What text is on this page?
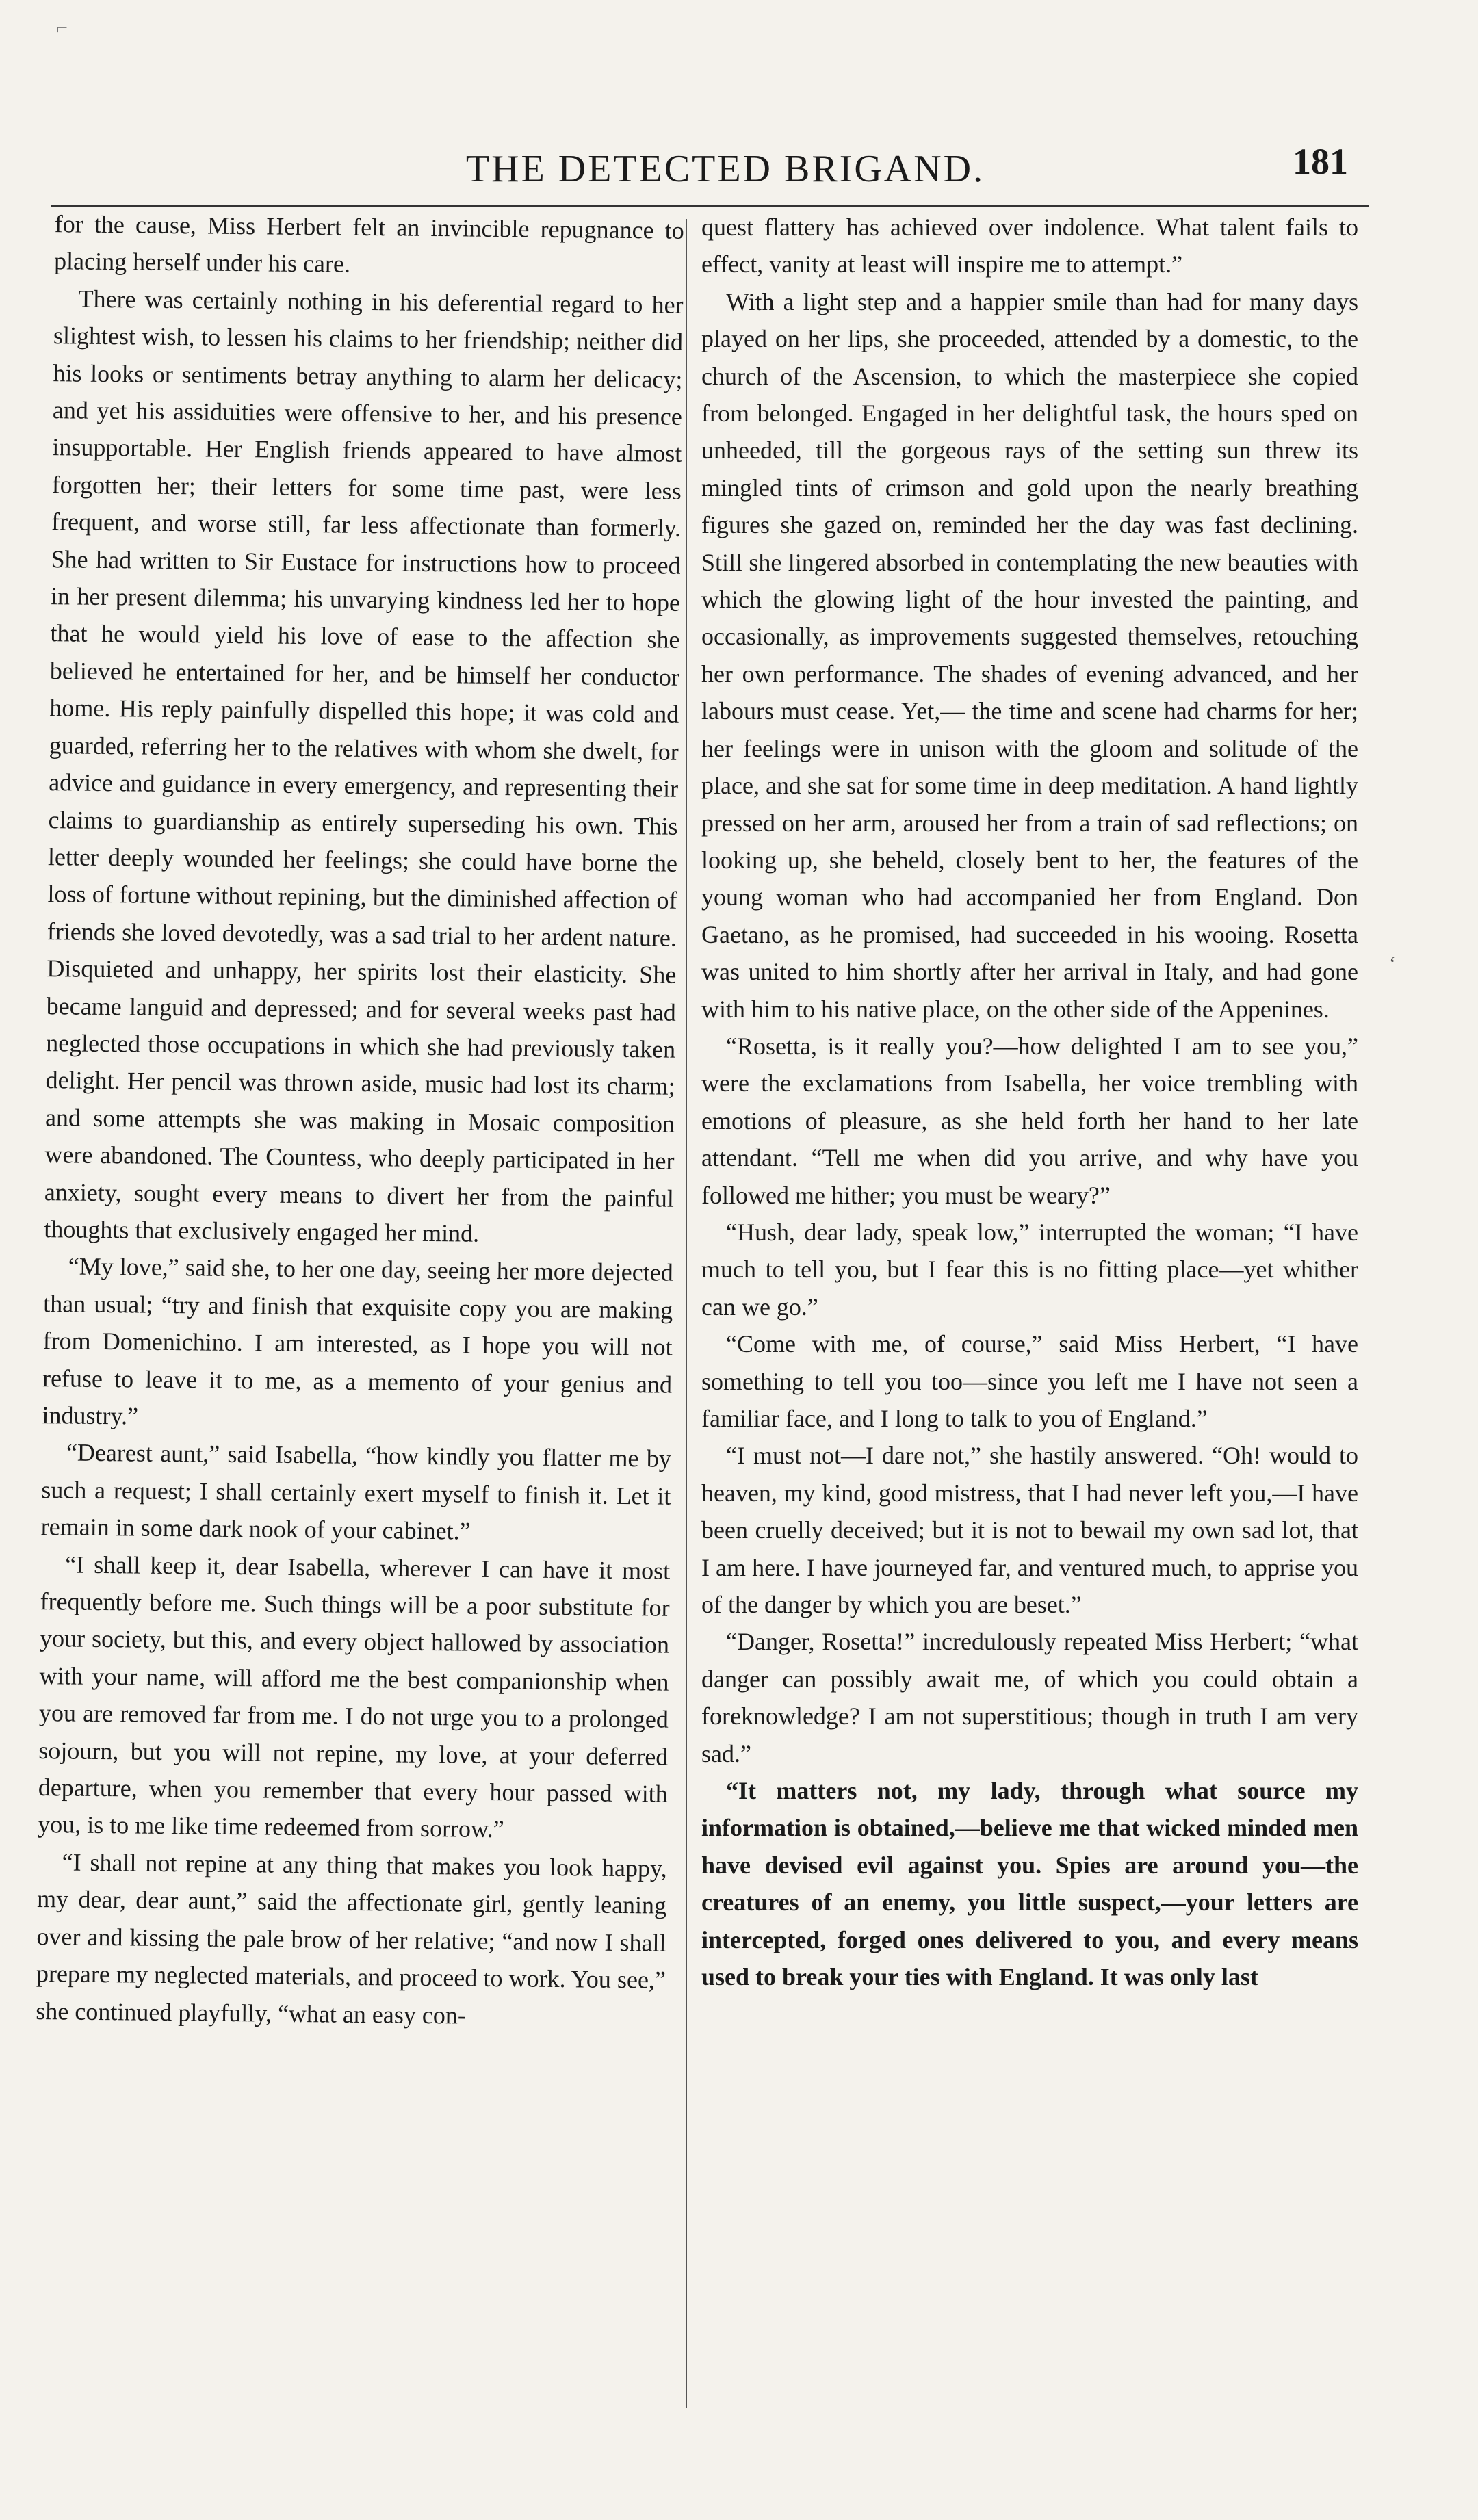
⌐
THE DETECTED BRIGAND.	181

for the cause, Miss Herbert felt an invincible repugnance to placing herself under his care.

There was certainly nothing in his deferential regard to her slightest wish, to lessen his claims to her friendship; neither did his looks or sentiments betray anything to alarm her delicacy; and yet his assiduities were offensive to her, and his presence insupportable. Her English friends appeared to have almost forgotten her; their letters for some time past, were less frequent, and worse still, far less affectionate than formerly. She had written to Sir Eustace for instructions how to proceed in her present dilemma; his unvarying kindness led her to hope that he would yield his love of ease to the affection she believed he entertained for her, and be himself her conductor home. His reply painfully dispelled this hope; it was cold and guarded, referring her to the relatives with whom she dwelt, for advice and guidance in every emergency, and representing their claims to guardianship as entirely superseding his own. This letter deeply wounded her feelings; she could have borne the loss of fortune without repining, but the diminished affection of friends she loved devotedly, was a sad trial to her ardent nature. Disquieted and unhappy, her spirits lost their elasticity. She became languid and depressed; and for several weeks past had neglected those occupations in which she had previously taken delight. Her pencil was thrown aside, music had lost its charm; and some attempts she was making in Mosaic composition were abandoned. The Countess, who deeply participated in her anxiety, sought every means to divert her from the painful thoughts that exclusively engaged her mind.

“My love,” said she, to her one day, seeing her more dejected than usual; “try and finish that exquisite copy you are making from Domenichino. I am interested, as I hope you will not refuse to leave it to me, as a memento of your genius and industry.”

“Dearest aunt,” said Isabella, “how kindly you flatter me by such a request; I shall certainly exert myself to finish it. Let it remain in some dark nook of your cabinet.”

“I shall keep it, dear Isabella, wherever I can have it most frequently before me. Such things will be a poor substitute for your society, but this, and every object hallowed by association with your name, will afford me the best companionship when you are removed far from me. I do not urge you to a prolonged sojourn, but you will not repine, my love, at your deferred departure, when you remember that every hour passed with you, is to me like time redeemed from sorrow.”

“I shall not repine at any thing that makes you look happy, my dear, dear aunt,” said the affectionate girl, gently leaning over and kissing the pale brow of her relative; “and now I shall prepare my neglected materials, and proceed to work. You see,” she continued playfully, “what an easy con-

quest flattery has achieved over indolence. What talent fails to effect, vanity at least will inspire me to attempt.”

With a light step and a happier smile than had for many days played on her lips, she proceeded, attended by a domestic, to the church of the Ascension, to which the masterpiece she copied from belonged. Engaged in her delightful task, the hours sped on unheeded, till the gorgeous rays of the setting sun threw its mingled tints of crimson and gold upon the nearly breathing figures she gazed on, reminded her the day was fast declining. Still she lingered absorbed in contemplating the new beauties with which the glowing light of the hour invested the painting, and occasionally, as improvements suggested themselves, retouching her own performance. The shades of evening advanced, and her labours must cease. Yet,— the time and scene had charms for her; her feelings were in unison with the gloom and solitude of the place, and she sat for some time in deep meditation. A hand lightly pressed on her arm, aroused her from a train of sad reflections; on looking up, she beheld, closely bent to her, the features of the young woman who had accompanied her from England. Don Gaetano, as he promised, had succeeded in his wooing. Rosetta was united to him shortly after her arrival in Italy, and had gone with him to his native place, on the other side of the Appenines.

“Rosetta, is it really you?—how delighted I am to see you,” were the exclamations from Isabella, her voice trembling with emotions of pleasure, as she held forth her hand to her late attendant. “Tell me when did you arrive, and why have you followed me hither; you must be weary?”

“Hush, dear lady, speak low,” interrupted the woman; “I have much to tell you, but I fear this is no fitting place—yet whither can we go.”

“Come with me, of course,” said Miss Herbert, “I have something to tell you too—since you left me I have not seen a familiar face, and I long to talk to you of England.”

“I must not—I dare not,” she hastily answered. “Oh! would to heaven, my kind, good mistress, that I had never left you,—I have been cruelly deceived; but it is not to bewail my own sad lot, that I am here. I have journeyed far, and ventured much, to apprise you of the danger by which you are beset.”

“Danger, Rosetta!” incredulously repeated Miss Herbert; “what danger can possibly await me, of which you could obtain a foreknowledge? I am not superstitious; though in truth I am very sad.”

“It matters not, my lady, through what source my information is obtained,—believe me that wicked minded men have devised evil against you. Spies are around you—the creatures of an enemy, you little suspect,—your letters are intercepted, forged ones delivered to you, and every means used to break your ties with England. It was only last

‘
